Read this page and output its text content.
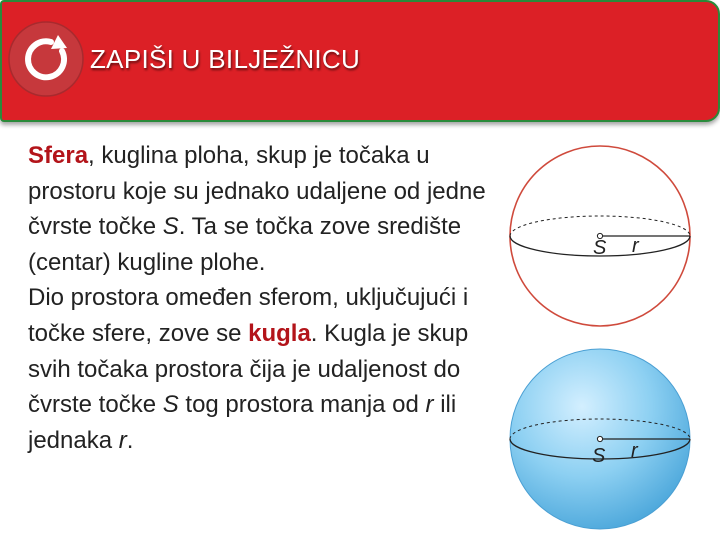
ZAPIŠI U BILJEŽNICU
Sfera, kuglina ploha, skup je točaka u prostoru koje su jednako udaljene od jedne čvrste točke S. Ta se točka zove središte (centar) kugline plohe.
Dio prostora omeđen sferom, uključujući i točke sfere, zove se kugla. Kugla je skup svih točaka prostora čija je udaljenost do čvrste točke S tog prostora manja od r ili jednaka r.
S r
S r
